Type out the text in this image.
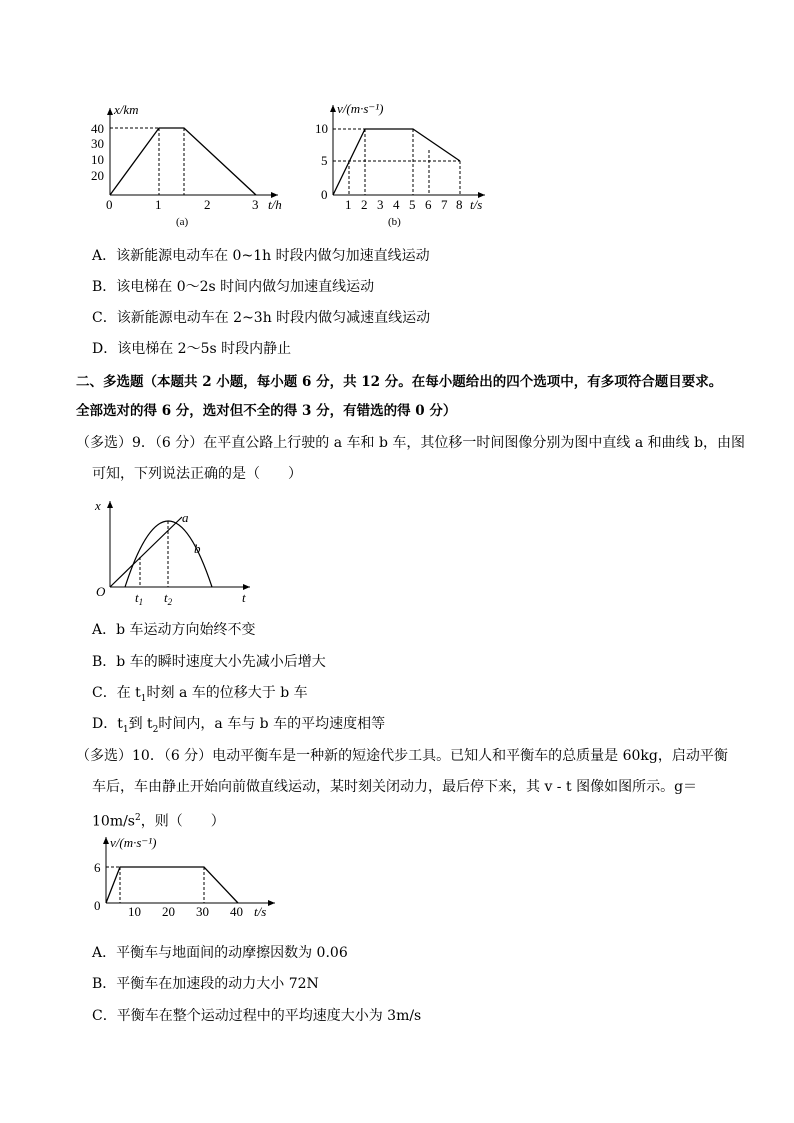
x/km
40
30
10
20
0	1	2	3 t/h
(a)
v/(m·s⁻¹)
10
5
0
1 2 3 4 5 6 7 8 t/s
(b)
A．该新能源电动车在 0~1h 时段内做匀加速直线运动
B．该电梯在 0～2s 时间内做匀加速直线运动
C．该新能源电动车在 2~3h 时段内做匀减速直线运动
D．该电梯在 2～5s 时段内静止
二、多选题（本题共 2 小题，每小题 6 分，共 12 分。在每小题给出的四个选项中，有多项符合题目要求。
全部选对的得 6 分，选对但不全的得 3 分，有错选的得 0 分）
（多选）9．（6 分）在平直公路上行驶的 a 车和 b 车，其位移一时间图像分别为图中直线 a 和曲线 b，由图
可知，下列说法正确的是（　　）
x
t
O
a
b
$t_1$ $t_2$
A．b 车运动方向始终不变
B．b 车的瞬时速度大小先减小后增大
C．在 $t_1$时刻 a 车的位移大于 b 车
D．$t_1$到 $t_2$时间内，a 车与 b 车的平均速度相等
（多选）10．（6 分）电动平衡车是一种新的短途代步工具。已知人和平衡车的总质量是 60kg，启动平衡
车后，车由静止开始向前做直线运动，某时刻关闭动力，最后停下来，其 v - t 图像如图所示。g＝
$10m/s^2$，则（　　）
v/(m·s⁻¹)
6
0 10 20 30 40 t/s
A．平衡车与地面间的动摩擦因数为 0.06
B．平衡车在加速段的动力大小 72N
C．平衡车在整个运动过程中的平均速度大小为 3m/s
